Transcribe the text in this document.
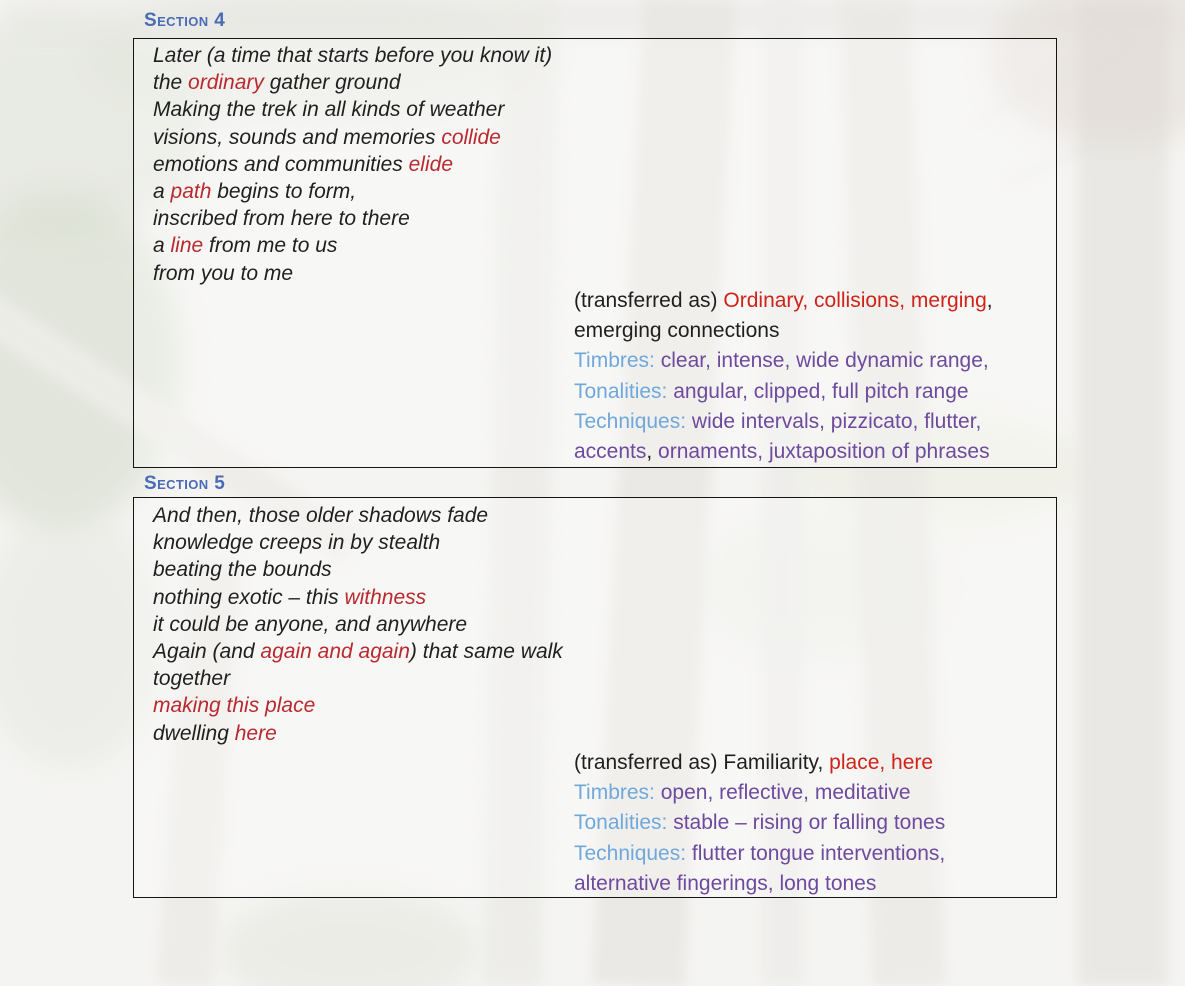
Section 4
Later (a time that starts before you know it)
the ordinary gather ground
Making the trek in all kinds of weather
visions, sounds and memories collide
emotions and communities elide
a path begins to form,
inscribed from here to there
a line from me to us
from you to me
(transferred as) Ordinary, collisions, merging,
emerging connections
Timbres: clear, intense, wide dynamic range,
Tonalities: angular, clipped, full pitch range
Techniques: wide intervals, pizzicato, flutter,
accents, ornaments, juxtaposition of phrases
Section 5
And then, those older shadows fade
knowledge creeps in by stealth
beating the bounds
nothing exotic – this withness
it could be anyone, and anywhere
Again (and again and again) that same walk
together
making this place
dwelling here
(transferred as) Familiarity, place, here
Timbres: open, reflective, meditative
Tonalities: stable – rising or falling tones
Techniques: flutter tongue interventions,
alternative fingerings, long tones
